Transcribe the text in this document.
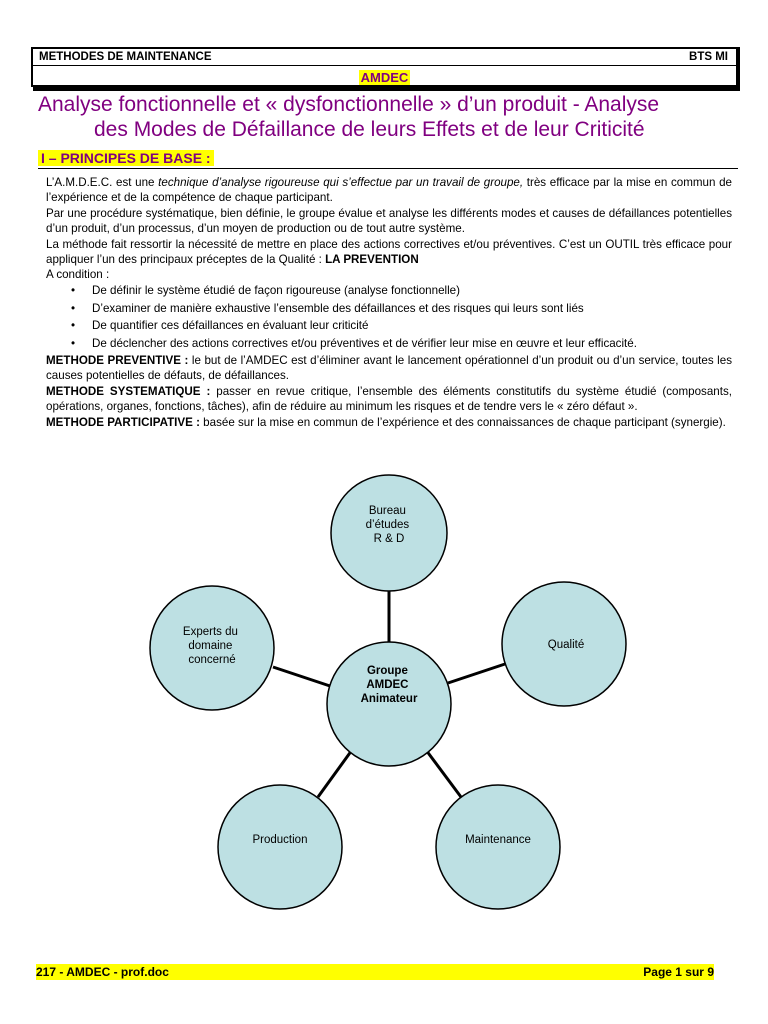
METHODES DE MAINTENANCE	BTS MI
AMDEC
Analyse fonctionnelle et « dysfonctionnelle » d’un produit - Analyse
des Modes de Défaillance de leurs Effets et de leur Criticité
I – PRINCIPES DE BASE :

L’A.M.D.E.C. est une technique d’analyse rigoureuse qui s’effectue par un travail de groupe, très efficace par la mise en commun de l’expérience et de la compétence de chaque participant.

Par une procédure systématique, bien définie, le groupe évalue et analyse les différents modes et causes de défaillances potentielles d’un produit, d’un processus, d’un moyen de production ou de tout autre système.

La méthode fait ressortir la nécessité de mettre en place des actions correctives et/ou préventives. C’est un OUTIL très efficace pour appliquer l’un des principaux préceptes de la Qualité : LA PREVENTION

A condition :

• De définir le système étudié de façon rigoureuse (analyse fonctionnelle)
• D’examiner de manière exhaustive l’ensemble des défaillances et des risques qui leurs sont liés
• De quantifier ces défaillances en évaluant leur criticité
• De déclencher des actions correctives et/ou préventives et de vérifier leur mise en œuvre et leur efficacité.

METHODE PREVENTIVE : le but de l’AMDEC est d’éliminer avant le lancement opérationnel d’un produit ou d’un service, toutes les causes potentielles de défauts, de défaillances.

METHODE SYSTEMATIQUE : passer en revue critique, l’ensemble des éléments constitutifs du système étudié (composants, opérations, organes, fonctions, tâches), afin de réduire au minimum les risques et de tendre vers le « zéro défaut ».

METHODE PARTICIPATIVE : basée sur la mise en commun de l’expérience et des connaissances de chaque participant (synergie).

Groupe AMDEC Animateur
Bureau d’études R & D
Qualité
Maintenance
Production
Experts du domaine concerné
217 - AMDEC - prof.doc	Page 1 sur 9
